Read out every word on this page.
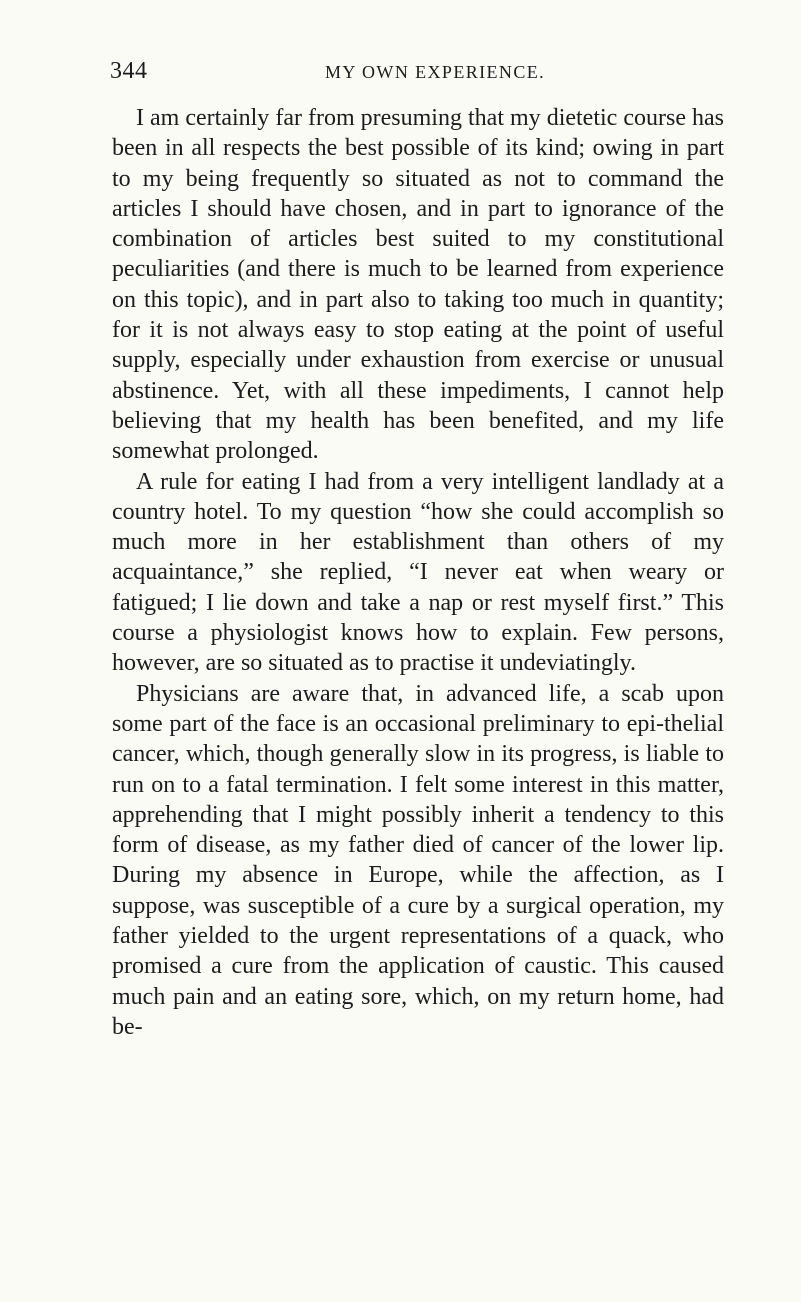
344	MY OWN EXPERIENCE.

I am certainly far from presuming that my dietetic course has been in all respects the best possible of its kind; owing in part to my being frequently so situated as not to command the articles I should have chosen, and in part to ignorance of the combination of articles best suited to my constitutional peculiarities (and there is much to be learned from experience on this topic), and in part also to taking too much in quantity; for it is not always easy to stop eating at the point of useful supply, especially under exhaustion from exercise or unusual abstinence. Yet, with all these impediments, I cannot help believing that my health has been benefited, and my life somewhat prolonged.

A rule for eating I had from a very intelligent landlady at a country hotel. To my question “how she could accomplish so much more in her establishment than others of my acquaintance,” she replied, “I never eat when weary or fatigued; I lie down and take a nap or rest myself first.” This course a physiologist knows how to explain. Few persons, however, are so situated as to practise it undeviatingly.

Physicians are aware that, in advanced life, a scab upon some part of the face is an occasional preliminary to epi-thelial cancer, which, though generally slow in its progress, is liable to run on to a fatal termination. I felt some interest in this matter, apprehending that I might possibly inherit a tendency to this form of disease, as my father died of cancer of the lower lip. During my absence in Europe, while the affection, as I suppose, was susceptible of a cure by a surgical operation, my father yielded to the urgent representations of a quack, who promised a cure from the application of caustic. This caused much pain and an eating sore, which, on my return home, had be-
